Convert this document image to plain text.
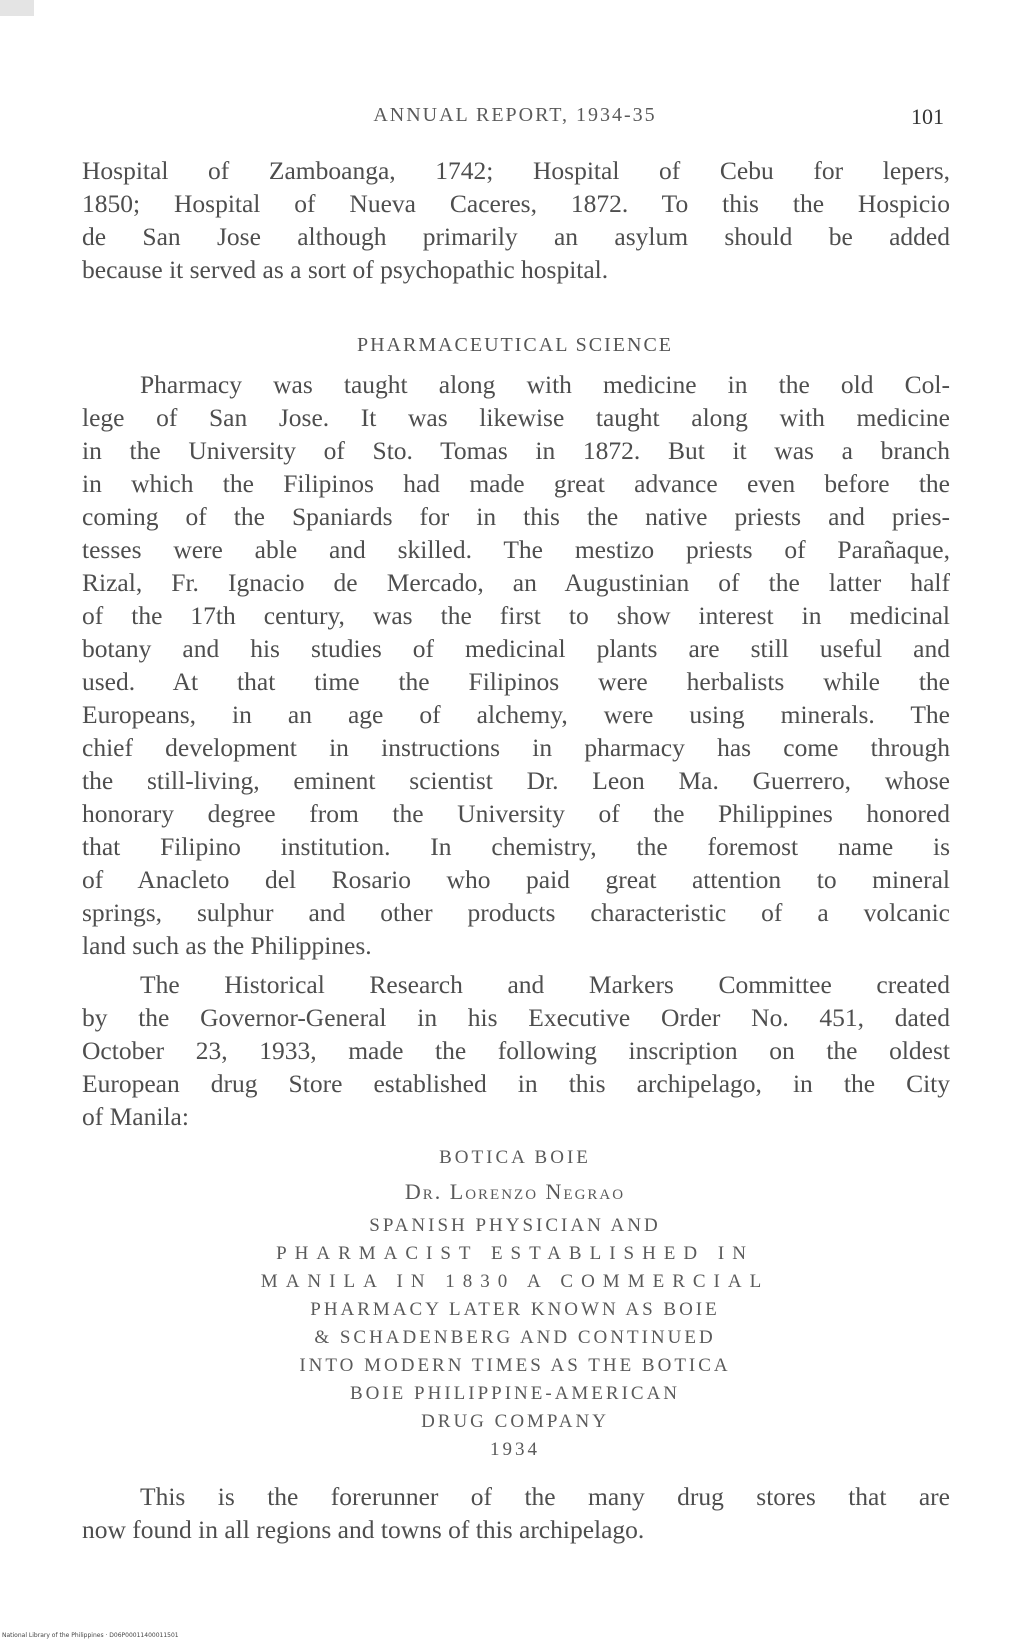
ANNUAL REPORT, 1934-35	101
Hospital of Zamboanga, 1742; Hospital of Cebu for lepers,
1850; Hospital of Nueva Caceres, 1872. To this the Hospicio
de San Jose although primarily an asylum should be added
because it served as a sort of psychopathic hospital.
PHARMACEUTICAL SCIENCE
Pharmacy was taught along with medicine in the old Col-
lege of San Jose. It was likewise taught along with medicine
in the University of Sto. Tomas in 1872. But it was a branch
in which the Filipinos had made great advance even before the
coming of the Spaniards for in this the native priests and pries-
tesses were able and skilled. The mestizo priests of Parañaque,
Rizal, Fr. Ignacio de Mercado, an Augustinian of the latter half
of the 17th century, was the first to show interest in medicinal
botany and his studies of medicinal plants are still useful and
used. At that time the Filipinos were herbalists while the
Europeans, in an age of alchemy, were using minerals. The
chief development in instructions in pharmacy has come through
the still-living, eminent scientist Dr. Leon Ma. Guerrero, whose
honorary degree from the University of the Philippines honored
that Filipino institution. In chemistry, the foremost name is
of Anacleto del Rosario who paid great attention to mineral
springs, sulphur and other products characteristic of a volcanic
land such as the Philippines.
The Historical Research and Markers Committee created
by the Governor-General in his Executive Order No. 451, dated
October 23, 1933, made the following inscription on the oldest
European drug Store established in this archipelago, in the City
of Manila:
BOTICA BOIE
Dr. Lorenzo Negrao
SPANISH PHYSICIAN AND
PHARMACIST ESTABLISHED IN
MANILA IN 1830 A COMMERCIAL
PHARMACY LATER KNOWN AS BOIE
& SCHADENBERG AND CONTINUED
INTO MODERN TIMES AS THE BOTICA
BOIE PHILIPPINE-AMERICAN
DRUG COMPANY
1934
This is the forerunner of the many drug stores that are
now found in all regions and towns of this archipelago.
National Library of the Philippines · D06P00011400011501
